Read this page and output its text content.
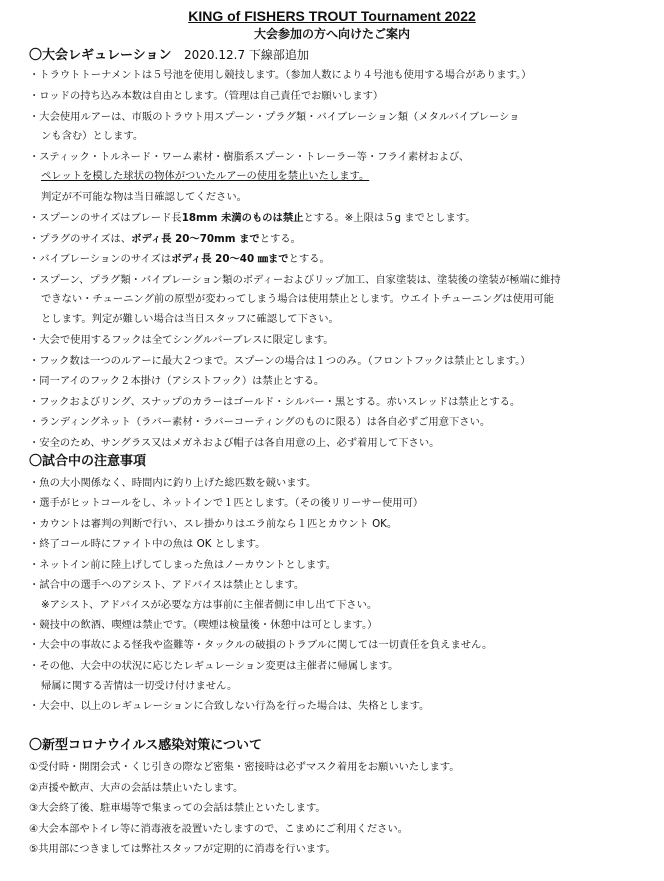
KING of FISHERS TROUT Tournament 2022
大会参加の方へ向けたご案内
〇大会レギュレーション 2020.12.7 下線部追加
・トラウトトーナメントは５号池を使用し競技します。（参加人数により４号池も使用する場合があります。）
・ロッドの持ち込み本数は自由とします。（管理は自己責任でお願いします）
・大会使用ルアーは、市販のトラウト用スプーン・プラグ類・バイブレーション類（メタルバイブレーショ
ンも含む）とします。
・スティック・トルネード・ワーム素材・樹脂系スプーン・トレーラー等・フライ素材および、
ペレットを模した球状の物体がついたルアーの使用を禁止いたします。
判定が不可能な物は当日確認してください。
・スプーンのサイズはブレード長18mm 未満のものは禁止とする。※上限は５g までとします。
・プラグのサイズは、ボディ長 20〜70mm までとする。
・バイブレーションのサイズはボディ長 20〜40 ㎜までとする。
・スプーン、プラグ類・バイブレーション類のボディーおよびリップ加工、自家塗装は、塗装後の塗装が極端に維持
できない・チューニング前の原型が変わってしまう場合は使用禁止とします。ウエイトチューニングは使用可能
とします。判定が難しい場合は当日スタッフに確認して下さい。
・大会で使用するフックは全てシングルバーブレスに限定します。
・フック数は一つのルアーに最大２つまで。スプーンの場合は１つのみ。（フロントフックは禁止とします。）
・同一アイのフック２本掛け（アシストフック）は禁止とする。
・フックおよびリング、スナップのカラーはゴールド・シルバー・黒とする。赤いスレッドは禁止とする。
・ランディングネット（ラバー素材・ラバーコーティングのものに限る）は各自必ずご用意下さい。
・安全のため、サングラス又はメガネおよび帽子は各自用意の上、必ず着用して下さい。
〇試合中の注意事項
・魚の大小関係なく、時間内に釣り上げた総匹数を競います。
・選手がヒットコールをし、ネットインで１匹とします。（その後リリーサー使用可）
・カウントは審判の判断で行い、スレ掛かりはエラ前なら１匹とカウント OK。
・終了コール時にファイト中の魚は OK とします。
・ネットイン前に陸上げしてしまった魚はノーカウントとします。
・試合中の選手へのアシスト、アドバイスは禁止とします。
※アシスト、アドバイスが必要な方は事前に主催者側に申し出て下さい。
・競技中の飲酒、喫煙は禁止です。（喫煙は検量後・休憩中は可とします。）
・大会中の事故による怪我や盗難等・タックルの破損のトラブルに関しては一切責任を負えません。
・その他、大会中の状況に応じたレギュレーション変更は主催者に帰属します。
帰属に関する苦情は一切受け付けません。
・大会中、以上のレギュレーションに合致しない行為を行った場合は、失格とします。
〇新型コロナウイルス感染対策について
①受付時・開閉会式・くじ引きの際など密集・密接時は必ずマスク着用をお願いいたします。
②声援や歓声、大声の会話は禁止いたします。
③大会終了後、駐車場等で集まっての会話は禁止といたします。
④大会本部やトイレ等に消毒液を設置いたしますので、こまめにご利用ください。
⑤共用部につきましては弊社スタッフが定期的に消毒を行います。
